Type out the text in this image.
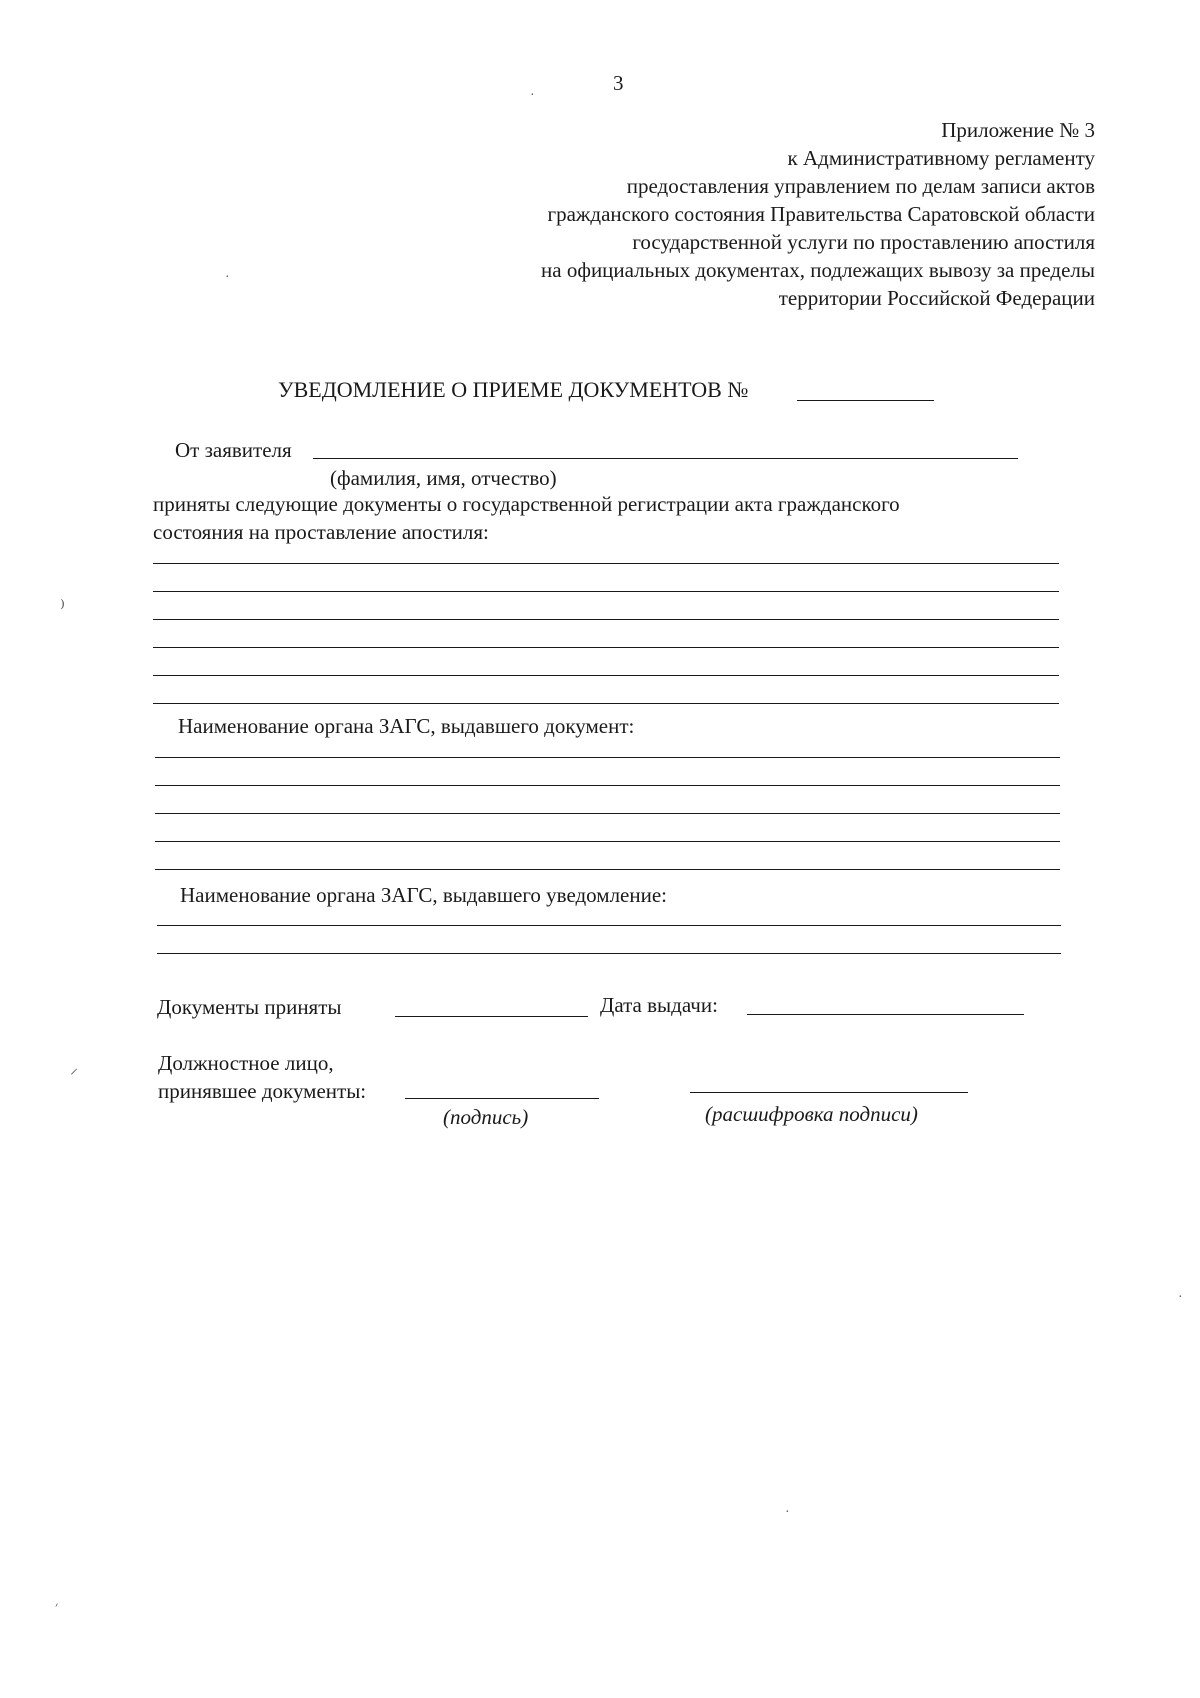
3
Приложение № 3
к Административному регламенту
предоставления управлением по делам записи актов
гражданского состояния Правительства Саратовской области
государственной услуги по проставлению апостиля
на официальных документах, подлежащих вывозу за пределы
территории Российской Федерации
УВЕДОМЛЕНИЕ О ПРИЕМЕ ДОКУМЕНТОВ №
От заявителя
(фамилия, имя, отчество)
приняты следующие документы о государственной регистрации акта гражданского
состояния на проставление апостиля:
Наименование органа ЗАГС, выдавшего документ:
Наименование органа ЗАГС, выдавшего уведомление:
Документы приняты	Дата выдачи:
Должностное лицо,
принявшее документы:
(подпись)	(расшифровка подписи)
·
·
⁾
⸍
׳
·
·
